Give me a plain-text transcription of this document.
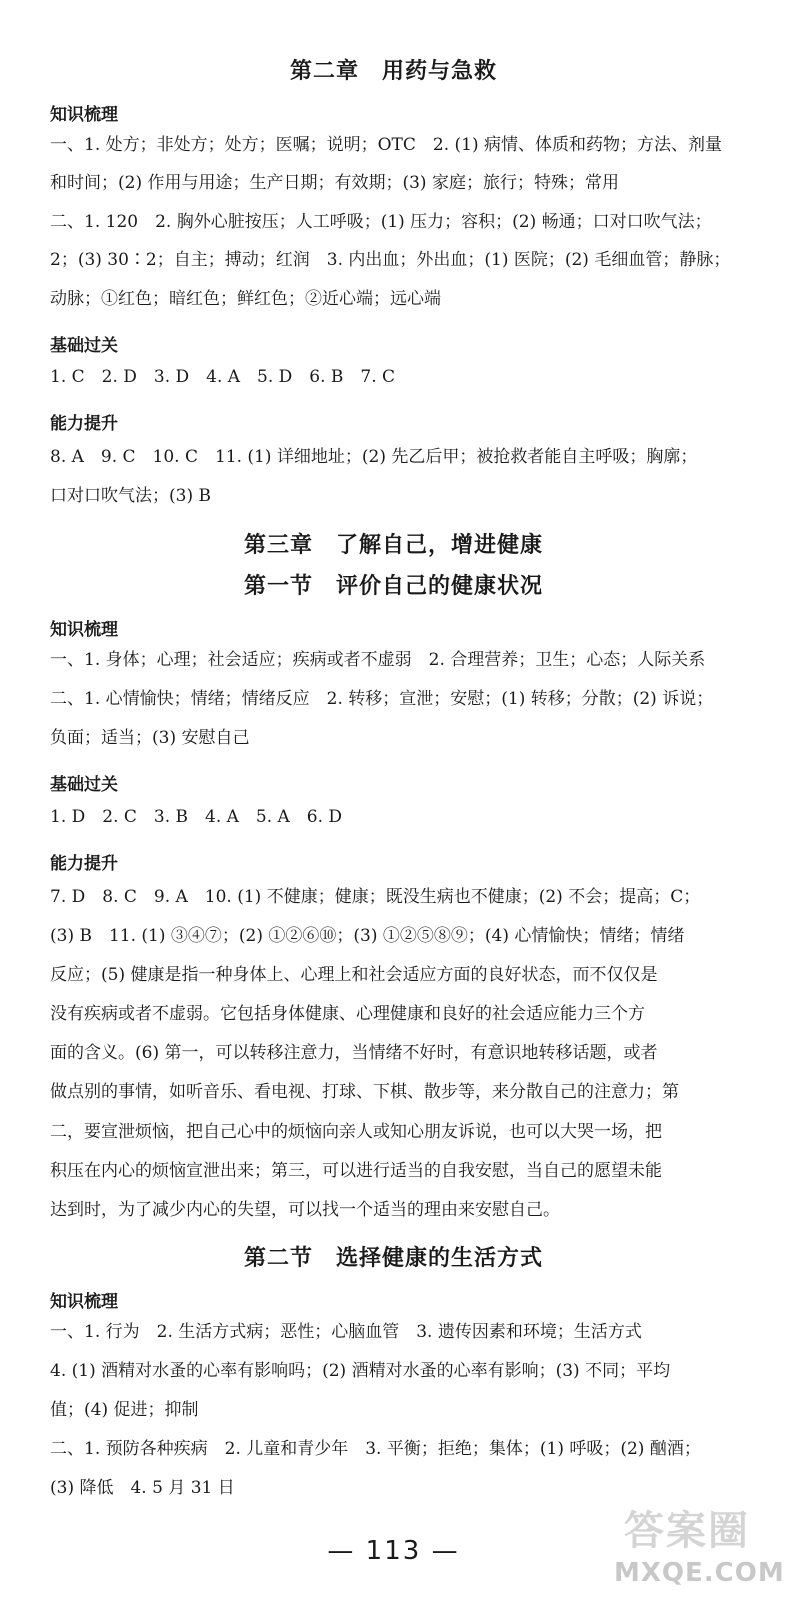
第二章　用药与急救
知识梳理
一、1. 处方；非处方；处方；医嘱；说明；OTC　2. (1) 病情、体质和药物；方法、剂量
和时间；(2) 作用与用途；生产日期；有效期；(3) 家庭；旅行；特殊；常用
二、1. 120　2. 胸外心脏按压；人工呼吸；(1) 压力；容积；(2) 畅通；口对口吹气法；
2；(3) 30∶2；自主；搏动；红润　3. 内出血；外出血；(1) 医院；(2) 毛细血管；静脉；
动脉；①红色；暗红色；鲜红色；②近心端；远心端
基础过关
1. C　2. D　3. D　4. A　5. D　6. B　7. C
能力提升
8. A　9. C　10. C　11. (1) 详细地址；(2) 先乙后甲；被抢救者能自主呼吸；胸廓；
口对口吹气法；(3) B
第三章　了解自己，增进健康
第一节　评价自己的健康状况
知识梳理
一、1. 身体；心理；社会适应；疾病或者不虚弱　2. 合理营养；卫生；心态；人际关系
二、1. 心情愉快；情绪；情绪反应　2. 转移；宣泄；安慰；(1) 转移；分散；(2) 诉说；
负面；适当；(3) 安慰自己
基础过关
1. D　2. C　3. B　4. A　5. A　6. D
能力提升
7. D　8. C　9. A　10. (1) 不健康；健康；既没生病也不健康；(2) 不会；提高；C；
(3) B　11. (1) ③④⑦；(2) ①②⑥⑩；(3) ①②⑤⑧⑨；(4) 心情愉快；情绪；情绪
反应；(5) 健康是指一种身体上、心理上和社会适应方面的良好状态，而不仅仅是
没有疾病或者不虚弱。它包括身体健康、心理健康和良好的社会适应能力三个方
面的含义。(6) 第一，可以转移注意力，当情绪不好时，有意识地转移话题，或者
做点别的事情，如听音乐、看电视、打球、下棋、散步等，来分散自己的注意力；第
二，要宣泄烦恼，把自己心中的烦恼向亲人或知心朋友诉说，也可以大哭一场，把
积压在内心的烦恼宣泄出来；第三，可以进行适当的自我安慰，当自己的愿望未能
达到时，为了减少内心的失望，可以找一个适当的理由来安慰自己。
第二节　选择健康的生活方式
知识梳理
一、1. 行为　2. 生活方式病；恶性；心脑血管　3. 遗传因素和环境；生活方式
4. (1) 酒精对水蚤的心率有影响吗；(2) 酒精对水蚤的心率有影响；(3) 不同；平均
值；(4) 促进；抑制
二、1. 预防各种疾病　2. 儿童和青少年　3. 平衡；拒绝；集体；(1) 呼吸；(2) 酗酒；
(3) 降低　4. 5 月 31 日
— 113 —	答案圈
MXQE.COM
